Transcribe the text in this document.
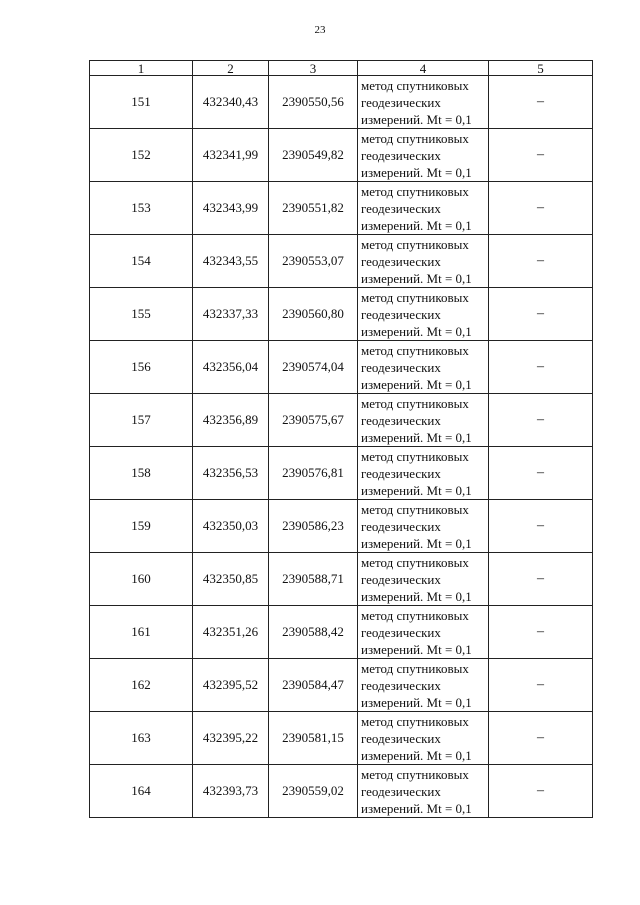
23
1	2	3	4	5
151	432340,43	2390550,56	метод спутниковых
геодезических
измерений. Mt = 0,1	–
152	432341,99	2390549,82	метод спутниковых
геодезических
измерений. Mt = 0,1	–
153	432343,99	2390551,82	метод спутниковых
геодезических
измерений. Mt = 0,1	–
154	432343,55	2390553,07	метод спутниковых
геодезических
измерений. Mt = 0,1	–
155	432337,33	2390560,80	метод спутниковых
геодезических
измерений. Mt = 0,1	–
156	432356,04	2390574,04	метод спутниковых
геодезических
измерений. Mt = 0,1	–
157	432356,89	2390575,67	метод спутниковых
геодезических
измерений. Mt = 0,1	–
158	432356,53	2390576,81	метод спутниковых
геодезических
измерений. Mt = 0,1	–
159	432350,03	2390586,23	метод спутниковых
геодезических
измерений. Mt = 0,1	–
160	432350,85	2390588,71	метод спутниковых
геодезических
измерений. Mt = 0,1	–
161	432351,26	2390588,42	метод спутниковых
геодезических
измерений. Mt = 0,1	–
162	432395,52	2390584,47	метод спутниковых
геодезических
измерений. Mt = 0,1	–
163	432395,22	2390581,15	метод спутниковых
геодезических
измерений. Mt = 0,1	–
164	432393,73	2390559,02	метод спутниковых
геодезических
измерений. Mt = 0,1	–
